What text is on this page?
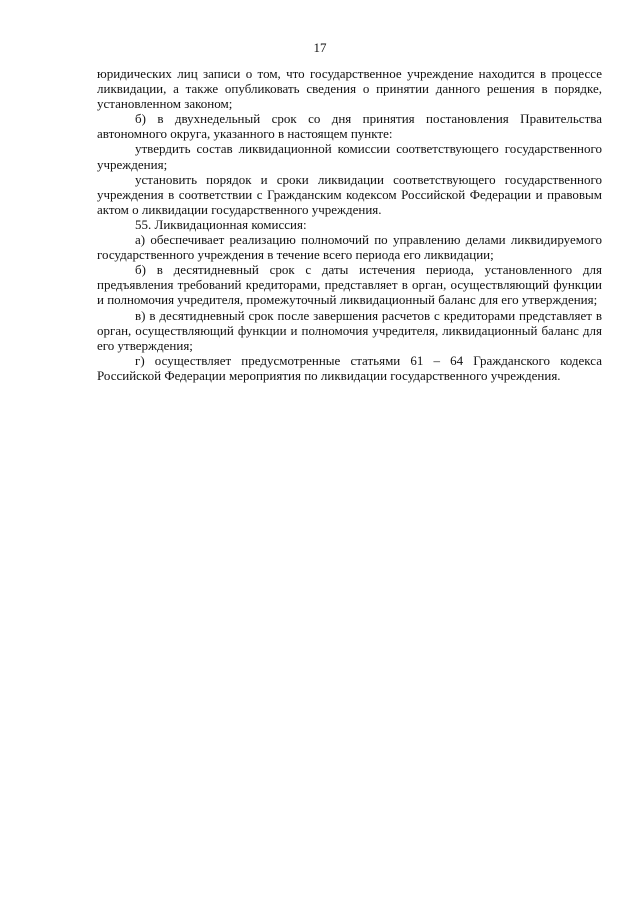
17

юридических лиц записи о том, что государственное учреждение находится в процессе ликвидации, а также опубликовать сведения о принятии данного решения в порядке, установленном законом;

б) в двухнедельный срок со дня принятия постановления Правительства автономного округа, указанного в настоящем пункте:

утвердить состав ликвидационной комиссии соответствующего государственного учреждения;

установить порядок и сроки ликвидации соответствующего государственного учреждения в соответствии с Гражданским кодексом Российской Федерации и правовым актом о ликвидации государственного учреждения.

55. Ликвидационная комиссия:

а) обеспечивает реализацию полномочий по управлению делами ликвидируемого государственного учреждения в течение всего периода его ликвидации;

б) в десятидневный срок с даты истечения периода, установленного для предъявления требований кредиторами, представляет в орган, осуществляющий функции и полномочия учредителя, промежуточный ликвидационный баланс для его утверждения;

в) в десятидневный срок после завершения расчетов с кредиторами представляет в орган, осуществляющий функции и полномочия учредителя, ликвидационный баланс для его утверждения;

г) осуществляет предусмотренные статьями 61 – 64 Гражданского кодекса Российской Федерации мероприятия по ликвидации государственного учреждения.
